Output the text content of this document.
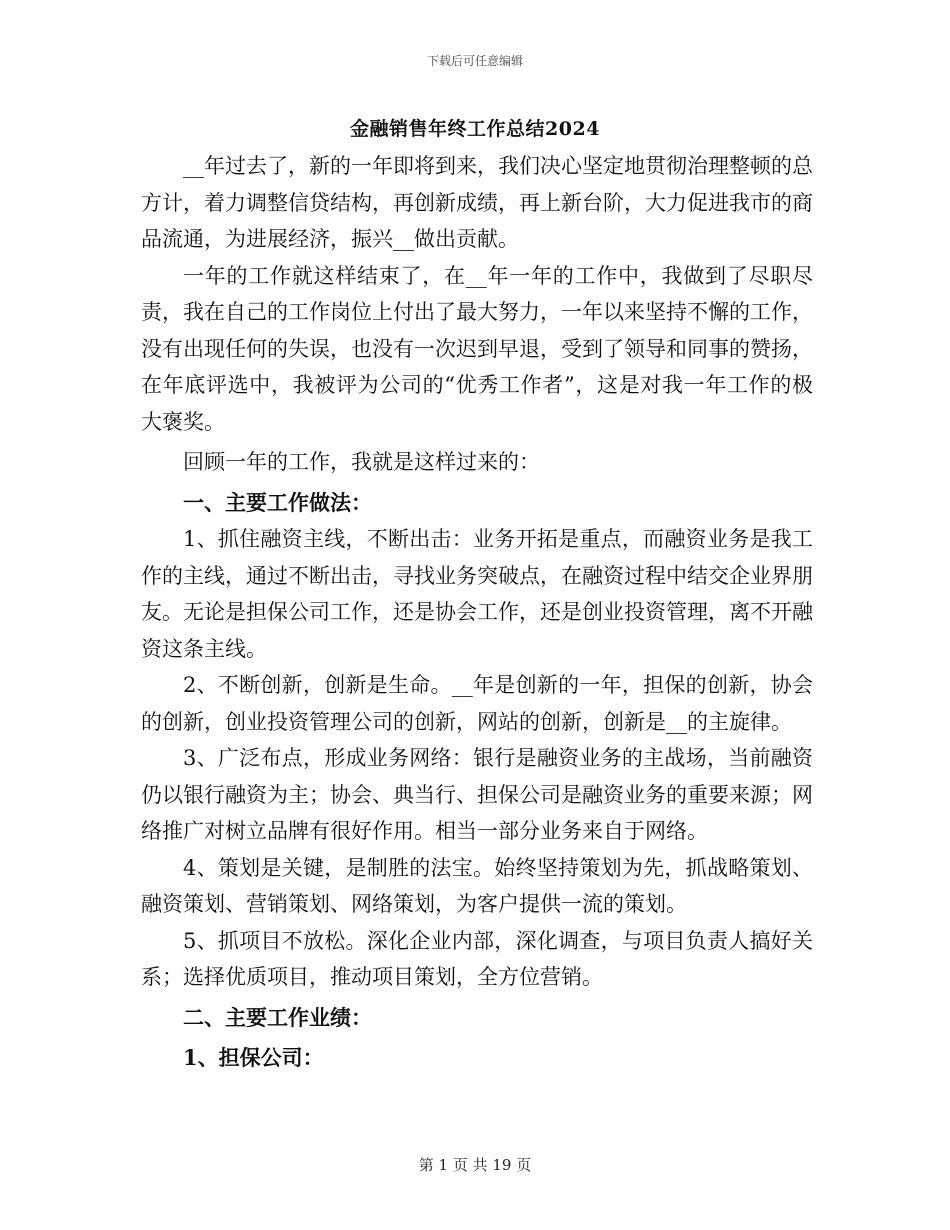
下载后可任意编辑
金融销售年终工作总结2024

__年过去了，新的一年即将到来，我们决心坚定地贯彻治理整顿的总方计，着力调整信贷结构，再创新成绩，再上新台阶，大力促进我市的商品流通，为进展经济，振兴__做出贡献。

一年的工作就这样结束了，在__年一年的工作中，我做到了尽职尽责，我在自己的工作岗位上付出了最大努力，一年以来坚持不懈的工作，没有出现任何的失误，也没有一次迟到早退，受到了领导和同事的赞扬，在年底评选中，我被评为公司的“优秀工作者”，这是对我一年工作的极大褒奖。

回顾一年的工作，我就是这样过来的：

一、主要工作做法：

1、抓住融资主线，不断出击：业务开拓是重点，而融资业务是我工作的主线，通过不断出击，寻找业务突破点，在融资过程中结交企业界朋友。无论是担保公司工作，还是协会工作，还是创业投资管理，离不开融资这条主线。

2、不断创新，创新是生命。__年是创新的一年，担保的创新，协会的创新，创业投资管理公司的创新，网站的创新，创新是__的主旋律。

3、广泛布点，形成业务网络：银行是融资业务的主战场，当前融资仍以银行融资为主；协会、典当行、担保公司是融资业务的重要来源；网络推广对树立品牌有很好作用。相当一部分业务来自于网络。

4、策划是关键，是制胜的法宝。始终坚持策划为先，抓战略策划、融资策划、营销策划、网络策划，为客户提供一流的策划。

5、抓项目不放松。深化企业内部，深化调查，与项目负责人搞好关系；选择优质项目，推动项目策划，全方位营销。

二、主要工作业绩：

1、担保公司：

第 1 页 共 19 页
